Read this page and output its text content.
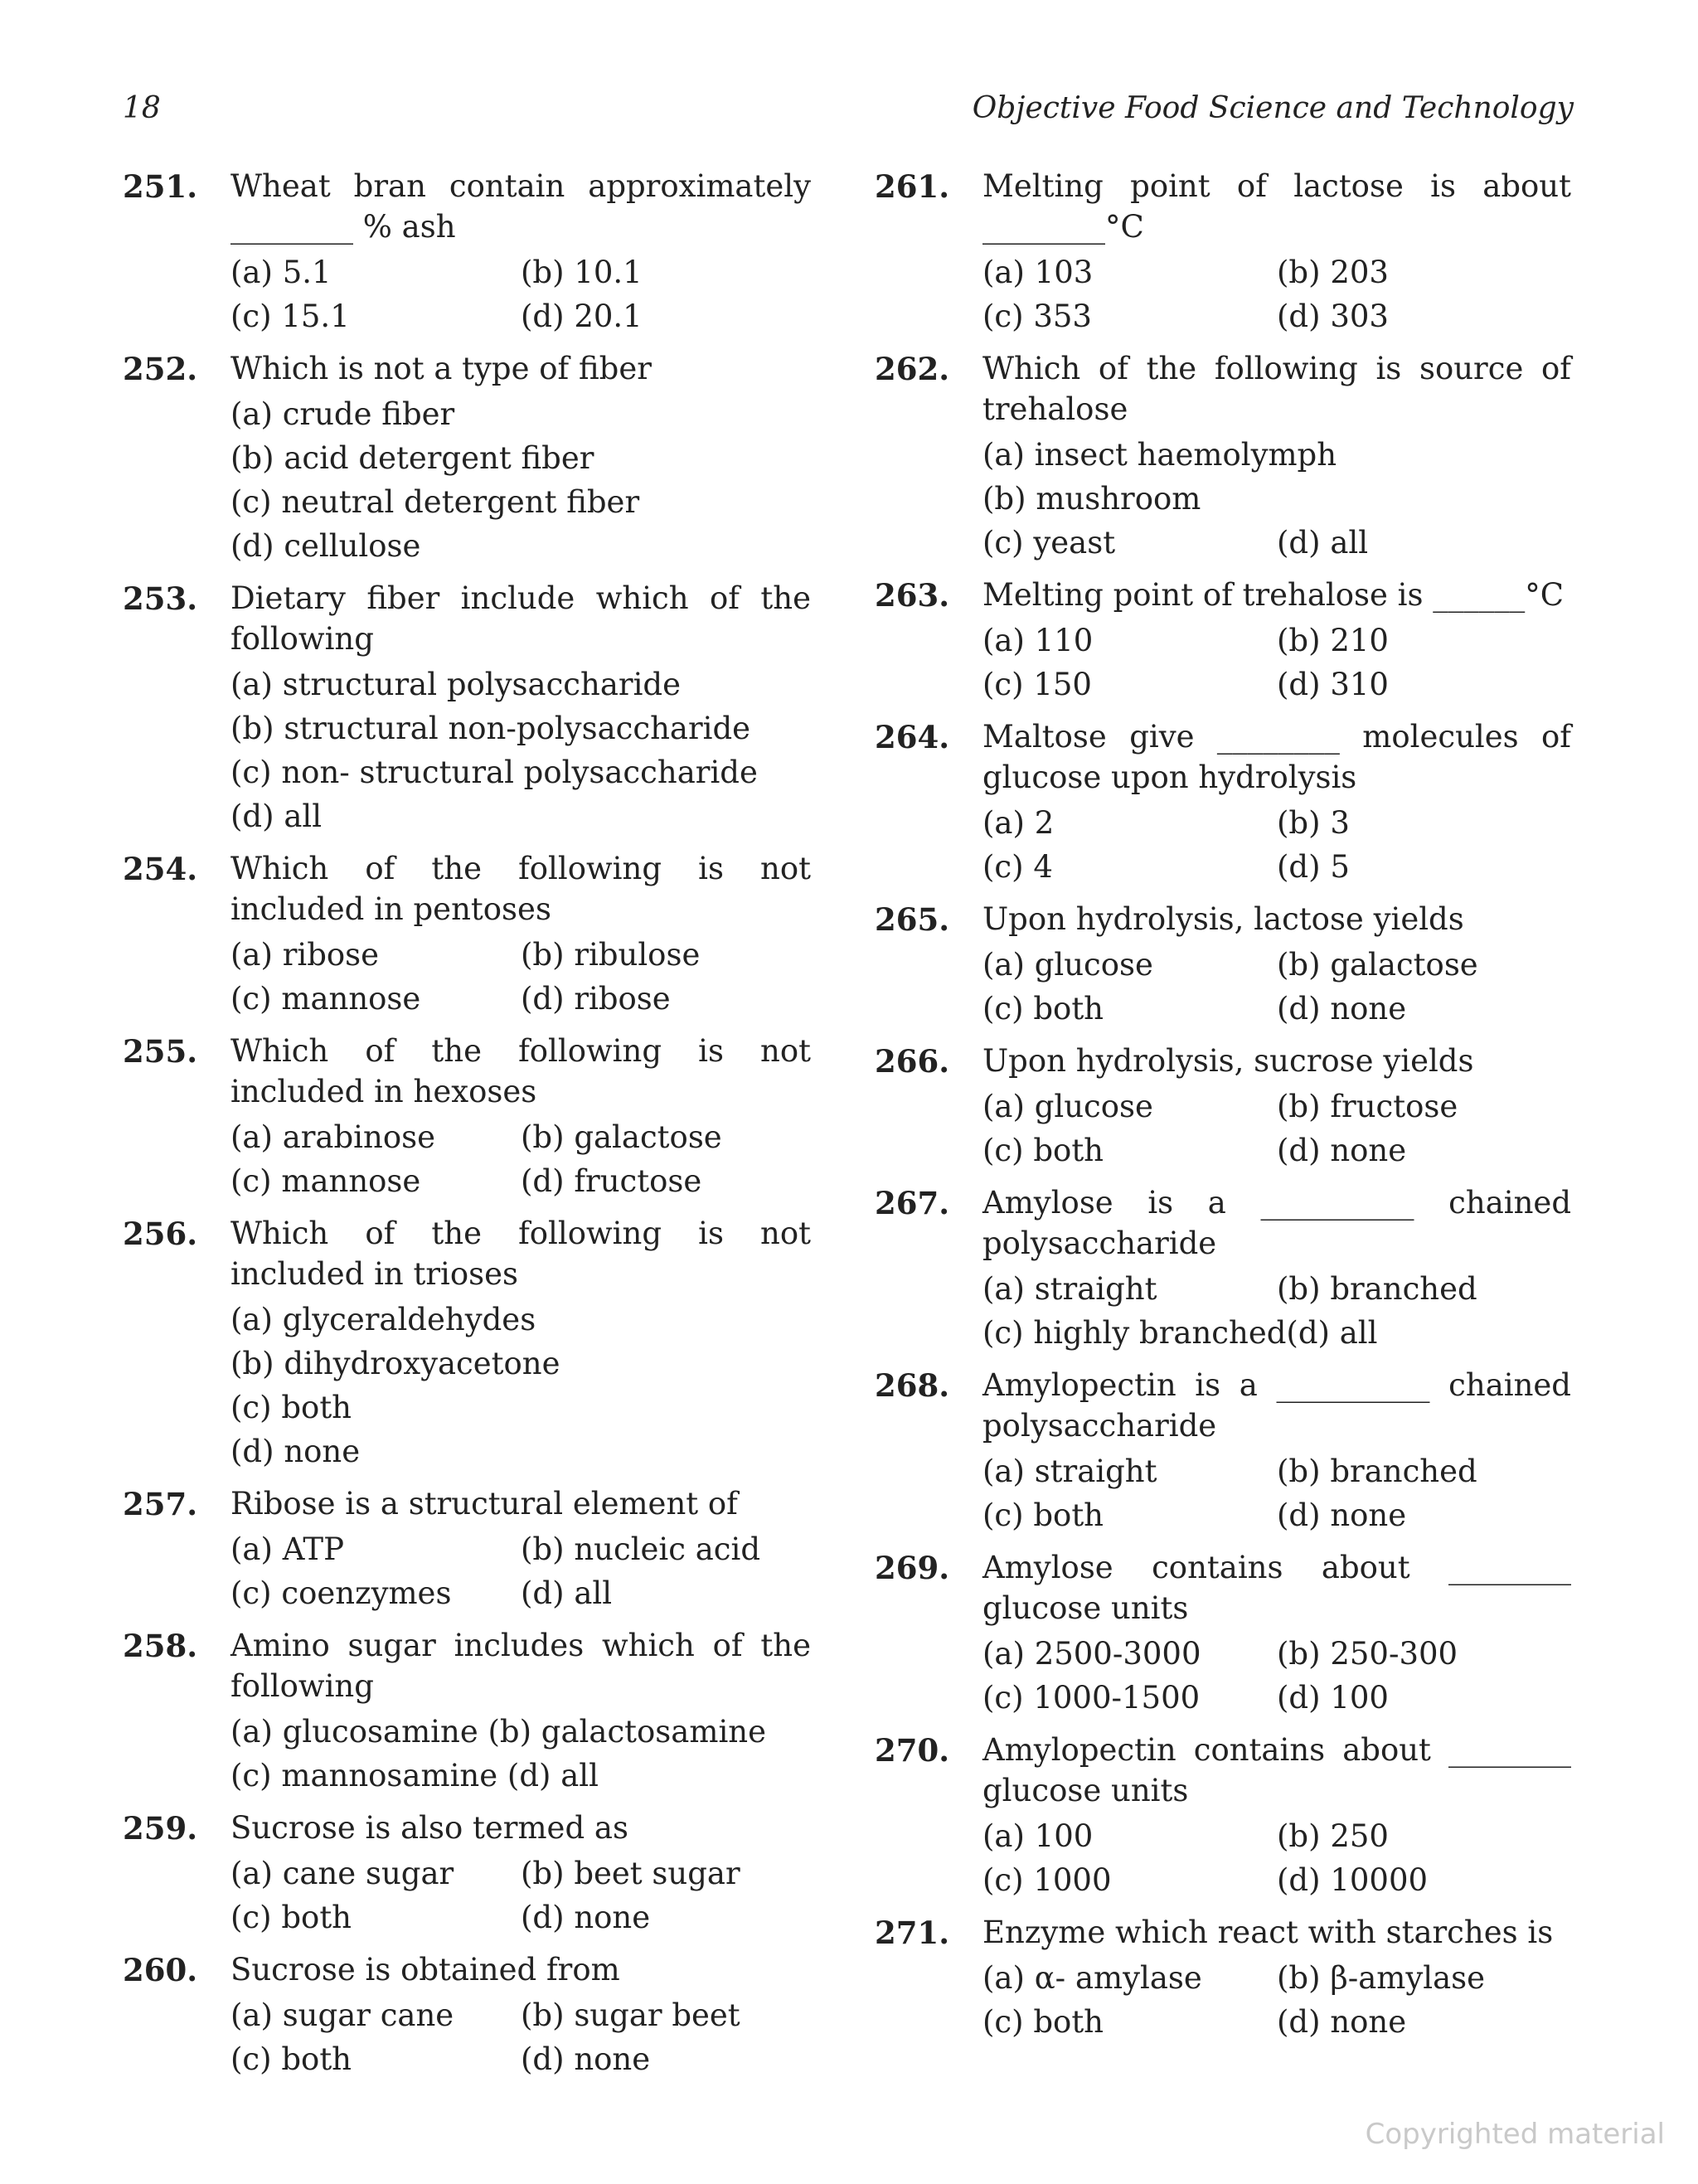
18	Objective Food Science and Technology
251. Wheat bran contain approximately ________ % ash
(a) 5.1	(b) 10.1
(c) 15.1	(d) 20.1
252. Which is not a type of fiber
(a) crude fiber
(b) acid detergent fiber
(c) neutral detergent fiber
(d) cellulose
253. Dietary fiber include which of the following
(a) structural polysaccharide
(b) structural non-polysaccharide
(c) non- structural polysaccharide
(d) all
254. Which of the following is not included in pentoses
(a) ribose	(b) ribulose
(c) mannose	(d) ribose
255. Which of the following is not included in hexoses
(a) arabinose	(b) galactose
(c) mannose	(d) fructose
256. Which of the following is not included in trioses
(a) glyceraldehydes
(b) dihydroxyacetone
(c) both
(d) none
257. Ribose is a structural element of
(a) ATP	(b) nucleic acid
(c) coenzymes	(d) all
258. Amino sugar includes which of the following
(a) glucosamine (b) galactosamine
(c) mannosamine (d) all
259. Sucrose is also termed as
(a) cane sugar	(b) beet sugar
(c) both	(d) none
260. Sucrose is obtained from
(a) sugar cane	(b) sugar beet
(c) both	(d) none
261. Melting point of lactose is about ________°C
(a) 103	(b) 203
(c) 353	(d) 303
262. Which of the following is source of trehalose
(a) insect haemolymph
(b) mushroom
(c) yeast	(d) all
263. Melting point of trehalose is ______°C
(a) 110	(b) 210
(c) 150	(d) 310
264. Maltose give ________ molecules of glucose upon hydrolysis
(a) 2	(b) 3
(c) 4	(d) 5
265. Upon hydrolysis, lactose yields
(a) glucose	(b) galactose
(c) both	(d) none
266. Upon hydrolysis, sucrose yields
(a) glucose	(b) fructose
(c) both	(d) none
267. Amylose is a __________ chained polysaccharide
(a) straight	(b) branched
(c) highly branched(d) all
268. Amylopectin is a __________ chained polysaccharide
(a) straight	(b) branched
(c) both	(d) none
269. Amylose contains about ________ glucose units
(a) 2500-3000	(b) 250-300
(c) 1000-1500	(d) 100
270. Amylopectin contains about ________ glucose units
(a) 100	(b) 250
(c) 1000	(d) 10000
271. Enzyme which react with starches is
(a) α- amylase	(b) β-amylase
(c) both	(d) none
Copyrighted material
